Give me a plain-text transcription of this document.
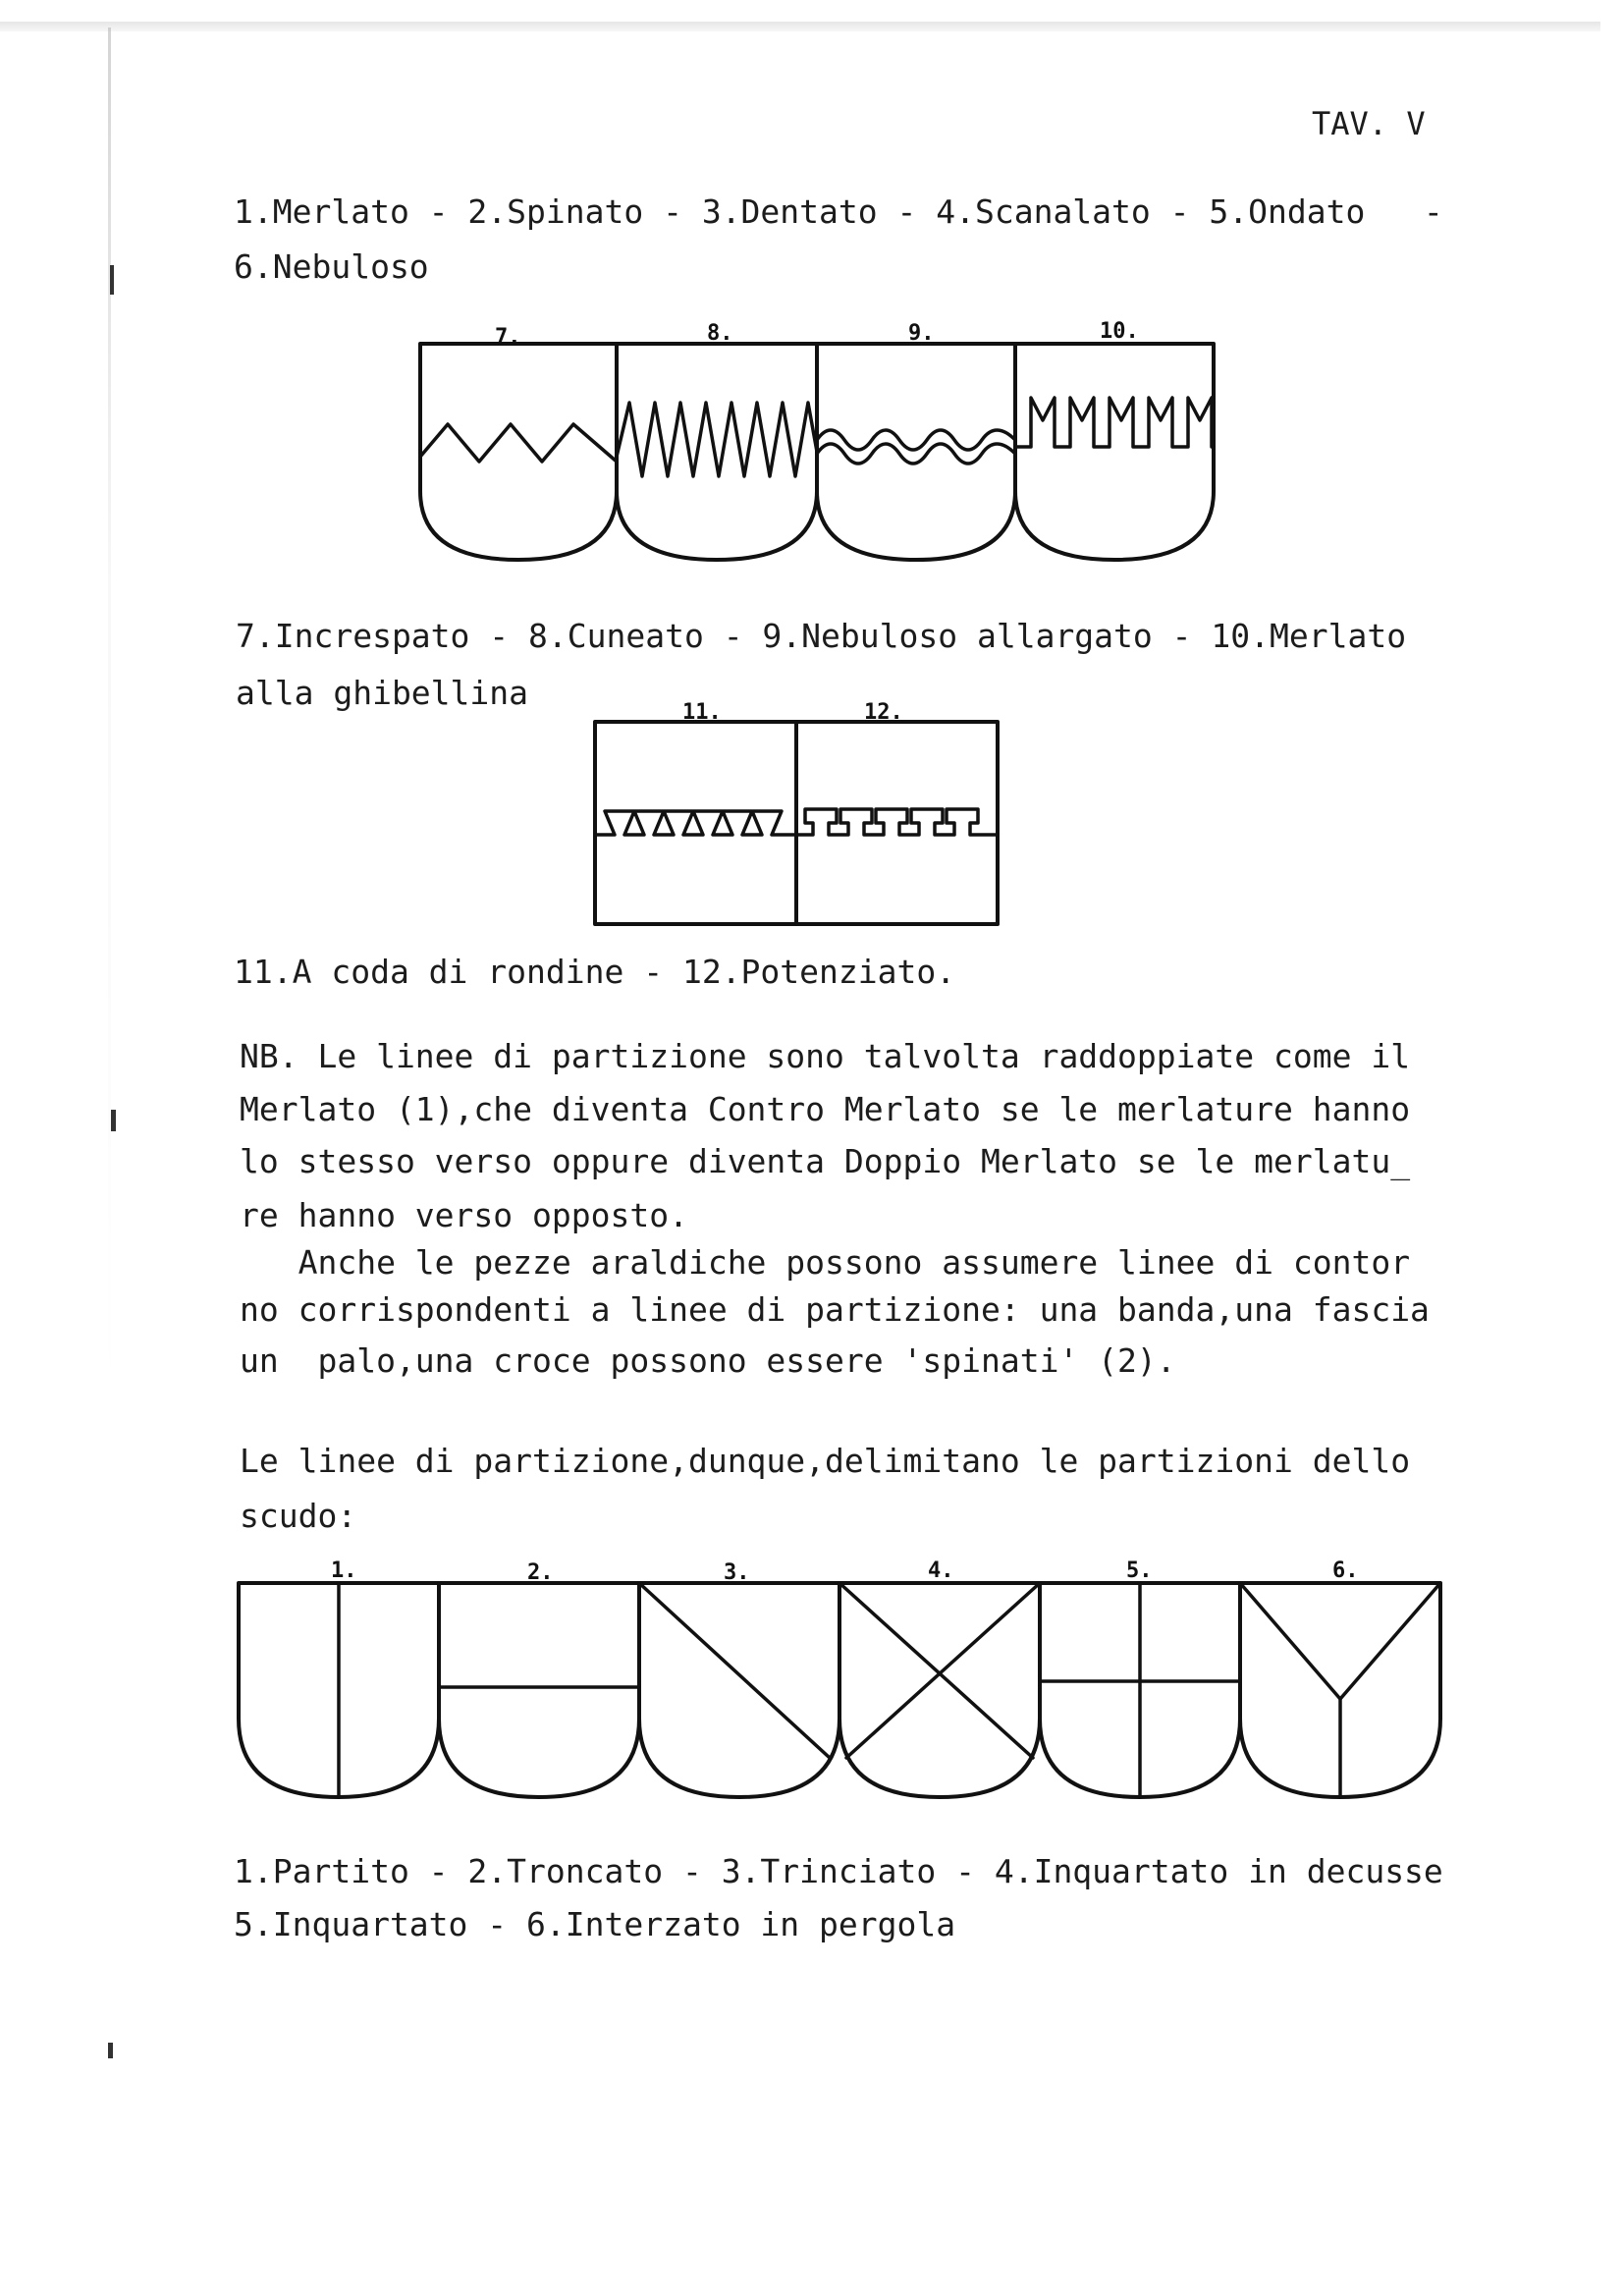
TAV. V
1.Merlato - 2.Spinato - 3.Dentato - 4.Scanalato - 5.Ondato   -
6.Nebuloso
7.	8.	9.	10.
7.Increspato - 8.Cuneato - 9.Nebuloso allargato - 10.Merlato
alla ghibellina
11.	12.
11.A coda di rondine - 12.Potenziato.
NB. Le linee di partizione sono talvolta raddoppiate come il
Merlato (1),che diventa Contro Merlato se le merlature hanno
lo stesso verso oppure diventa Doppio Merlato se le merlatu_
re hanno verso opposto.
Anche le pezze araldiche possono assumere linee di contor
no corrispondenti a linee di partizione: una banda,una fascia
un  palo,una croce possono essere 'spinati' (2).
Le linee di partizione,dunque,delimitano le partizioni dello
scudo:
1.	2.	3.	4.	5.	6.
1.Partito - 2.Troncato - 3.Trinciato - 4.Inquartato in decusse
5.Inquartato - 6.Interzato in pergola
